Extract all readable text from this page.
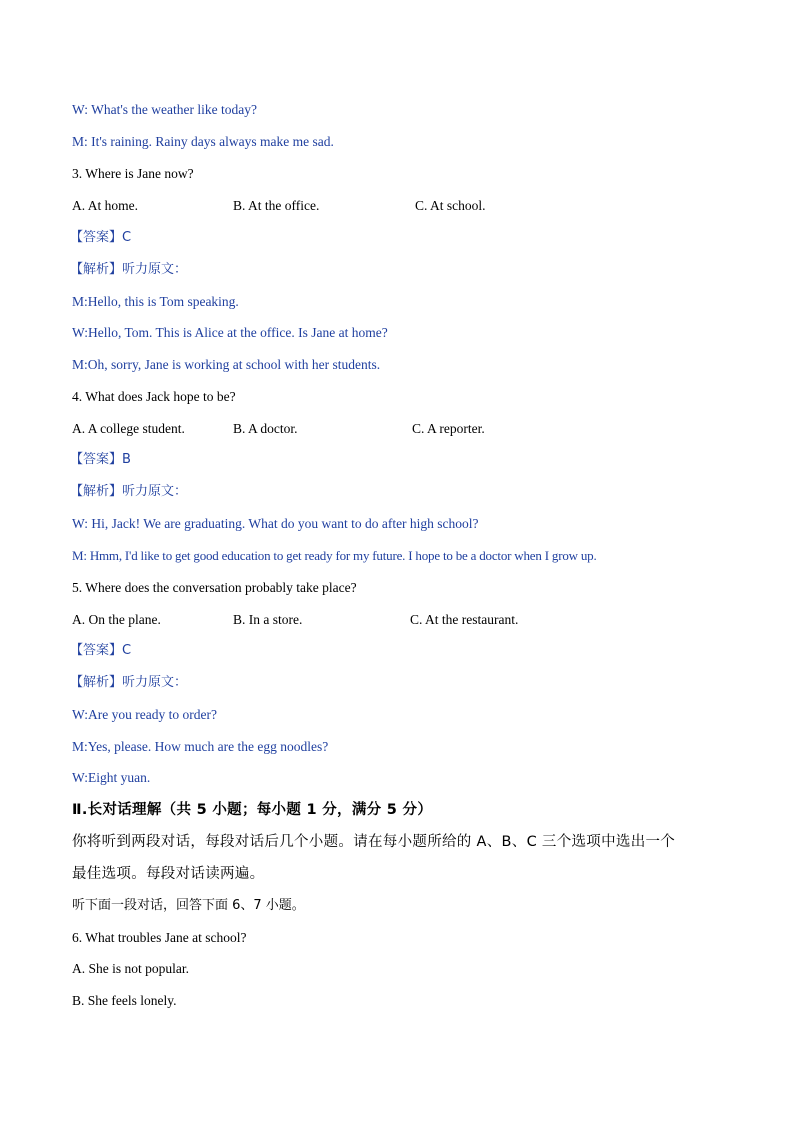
W: What's the weather like today?
M: It's raining. Rainy days always make me sad.
3. Where is Jane now?
A. At home.	B. At the office.	C. At school.
【答案】C
【解析】听力原文：
M:Hello, this is Tom speaking.
W:Hello, Tom. This is Alice at the office. Is Jane at home?
M:Oh, sorry, Jane is working at school with her students.
4. What does Jack hope to be?
A. A college student.	B. A doctor.	C. A reporter.
【答案】B
【解析】听力原文：
W: Hi, Jack! We are graduating. What do you want to do after high school?
M: Hmm, I'd like to get good education to get ready for my future. I hope to be a doctor when I grow up.
5. Where does the conversation probably take place?
A. On the plane.	B. In a store.	C. At the restaurant.
【答案】C
【解析】听力原文：
W:Are you ready to order?
M:Yes, please. How much are the egg noodles?
W:Eight yuan.
Ⅱ.长对话理解（共 5 小题；每小题 1 分，满分 5 分）
你将听到两段对话，每段对话后几个小题。请在每小题所给的 A、B、C 三个选项中选出一个
最佳选项。每段对话读两遍。
听下面一段对话，回答下面 6、7 小题。
6. What troubles Jane at school?
A. She is not popular.
B. She feels lonely.
